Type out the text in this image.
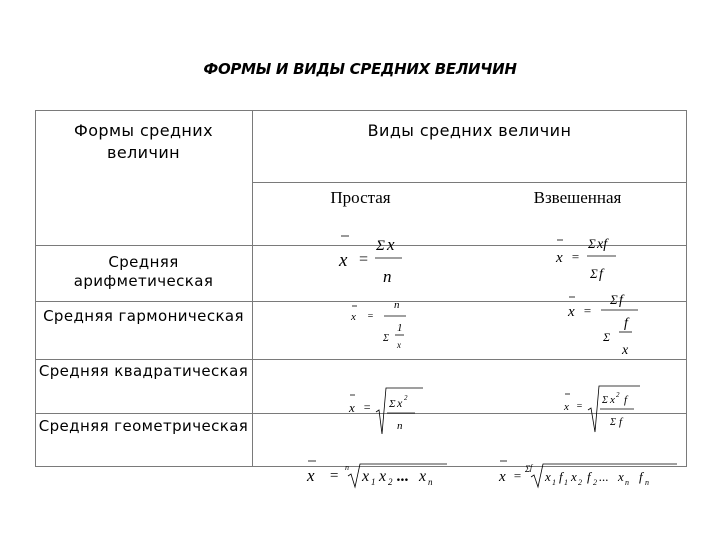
ФОРМЫ И ВИДЫ СРЕДНИХ ВЕЛИЧИН
Формы средних величин
Виды средних величин
Простая	Взвешенная
Средняя арифметическая
Средняя гармоническая
Средняя квадратическая
Средняя геометрическая
x =
Σ x
n
x =
Σ xf
Σ f
x =
n
Σ
1
x
x =
Σ f
Σ
f
x
x = Σ x 2
n
x =
Σ x 2 f
Σ f
x =
n
x 1 x 2 ... x n	x = Σ f
x 1 f 1 x 2 f 2 ... x n f n
